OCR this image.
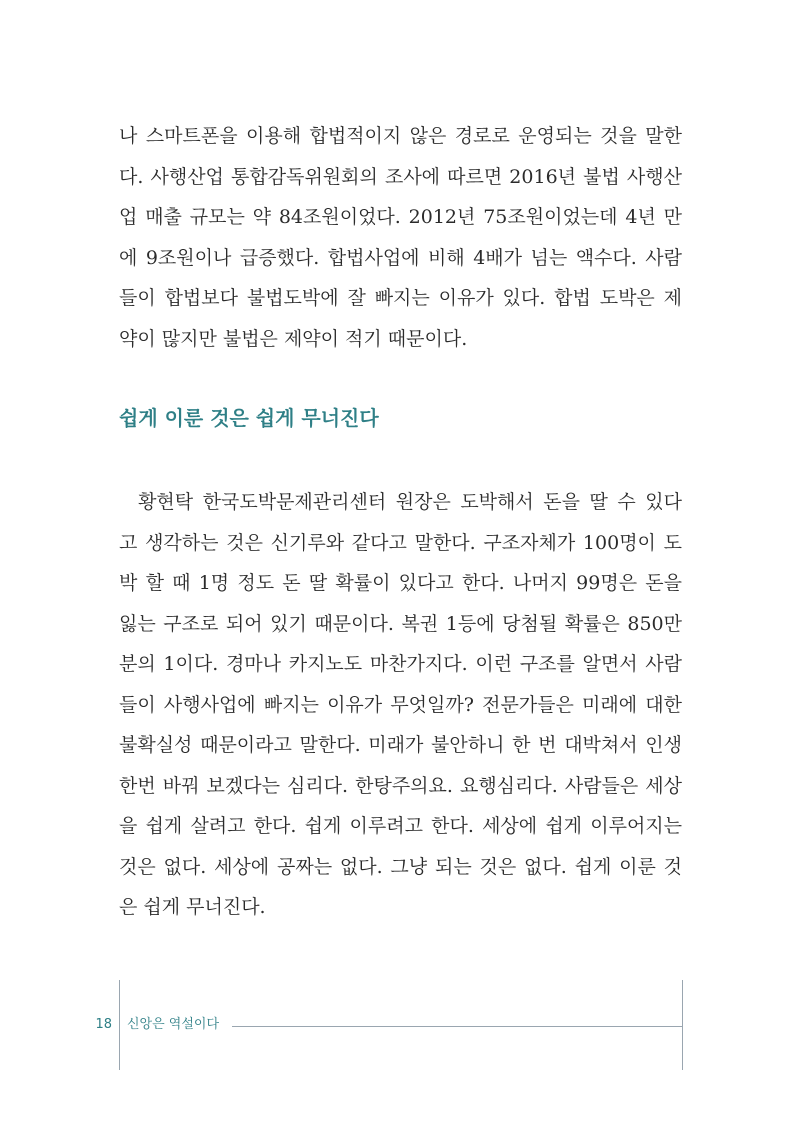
나 스마트폰을 이용해 합법적이지 않은 경로로 운영되는 것을 말한
다. 사행산업 통합감독위원회의 조사에 따르면 2016년 불법 사행산
업 매출 규모는 약 84조원이었다. 2012년 75조원이었는데 4년 만
에 9조원이나 급증했다. 합법사업에 비해 4배가 넘는 액수다. 사람
들이 합법보다 불법도박에 잘 빠지는 이유가 있다. 합법 도박은 제
약이 많지만 불법은 제약이 적기 때문이다.
쉽게 이룬 것은 쉽게 무너진다
황현탁 한국도박문제관리센터 원장은 도박해서 돈을 딸 수 있다
고 생각하는 것은 신기루와 같다고 말한다. 구조자체가 100명이 도
박 할 때 1명 정도 돈 딸 확률이 있다고 한다. 나머지 99명은 돈을
잃는 구조로 되어 있기 때문이다. 복권 1등에 당첨될 확률은 850만
분의 1이다. 경마나 카지노도 마찬가지다. 이런 구조를 알면서 사람
들이 사행사업에 빠지는 이유가 무엇일까? 전문가들은 미래에 대한
불확실성 때문이라고 말한다. 미래가 불안하니 한 번 대박쳐서 인생
한번 바꿔 보겠다는 심리다. 한탕주의요. 요행심리다. 사람들은 세상
을 쉽게 살려고 한다. 쉽게 이루려고 한다. 세상에 쉽게 이루어지는
것은 없다. 세상에 공짜는 없다. 그냥 되는 것은 없다. 쉽게 이룬 것
은 쉽게 무너진다.
18 신앙은 역설이다
